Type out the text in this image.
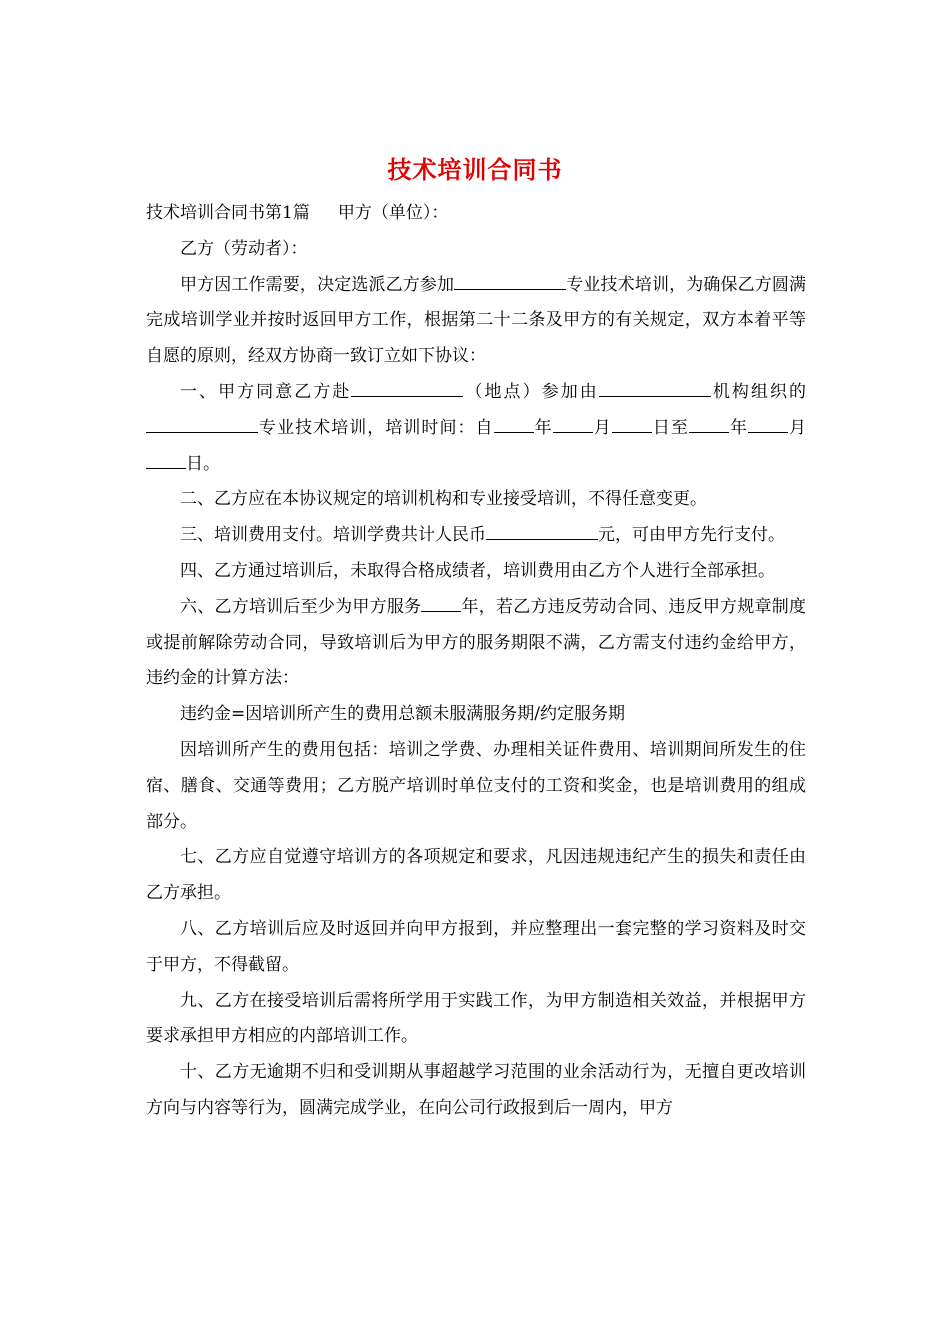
技术培训合同书

技术培训合同书第1篇 甲方（单位）：

乙方（劳动者）：

甲方因工作需要，决定选派乙方参加	专业技术培训，为确保乙方圆满完成培训学业并按时返回甲方工作，根据第二十二条及甲方的有关规定，双方本着平等自愿的原则，经双方协商一致订立如下协议：

一、甲方同意乙方赴	（地点）参加由	机构组织的专业技术培训，培训时间：自 年 月 日至 年 月日。

二、乙方应在本协议规定的培训机构和专业接受培训，不得任意变更。

三、培训费用支付。培训学费共计人民币	元，可由甲方先行支付。

四、乙方通过培训后，未取得合格成绩者，培训费用由乙方个人进行全部承担。

六、乙方培训后至少为甲方服务 年，若乙方违反劳动合同、违反甲方规章制度或提前解除劳动合同，导致培训后为甲方的服务期限不满，乙方需支付违约金给甲方，违约金的计算方法：

违约金=因培训所产生的费用总额未服满服务期/约定服务期

因培训所产生的费用包括：培训之学费、办理相关证件费用、培训期间所发生的住宿、膳食、交通等费用；乙方脱产培训时单位支付的工资和奖金，也是培训费用的组成部分。

七、乙方应自觉遵守培训方的各项规定和要求，凡因违规违纪产生的损失和责任由乙方承担。

八、乙方培训后应及时返回并向甲方报到，并应整理出一套完整的学习资料及时交于甲方，不得截留。

九、乙方在接受培训后需将所学用于实践工作，为甲方制造相关效益，并根据甲方要求承担甲方相应的内部培训工作。

十、乙方无逾期不归和受训期从事超越学习范围的业余活动行为，无擅自更改培训方向与内容等行为，圆满完成学业，在向公司行政报到后一周内，甲方
